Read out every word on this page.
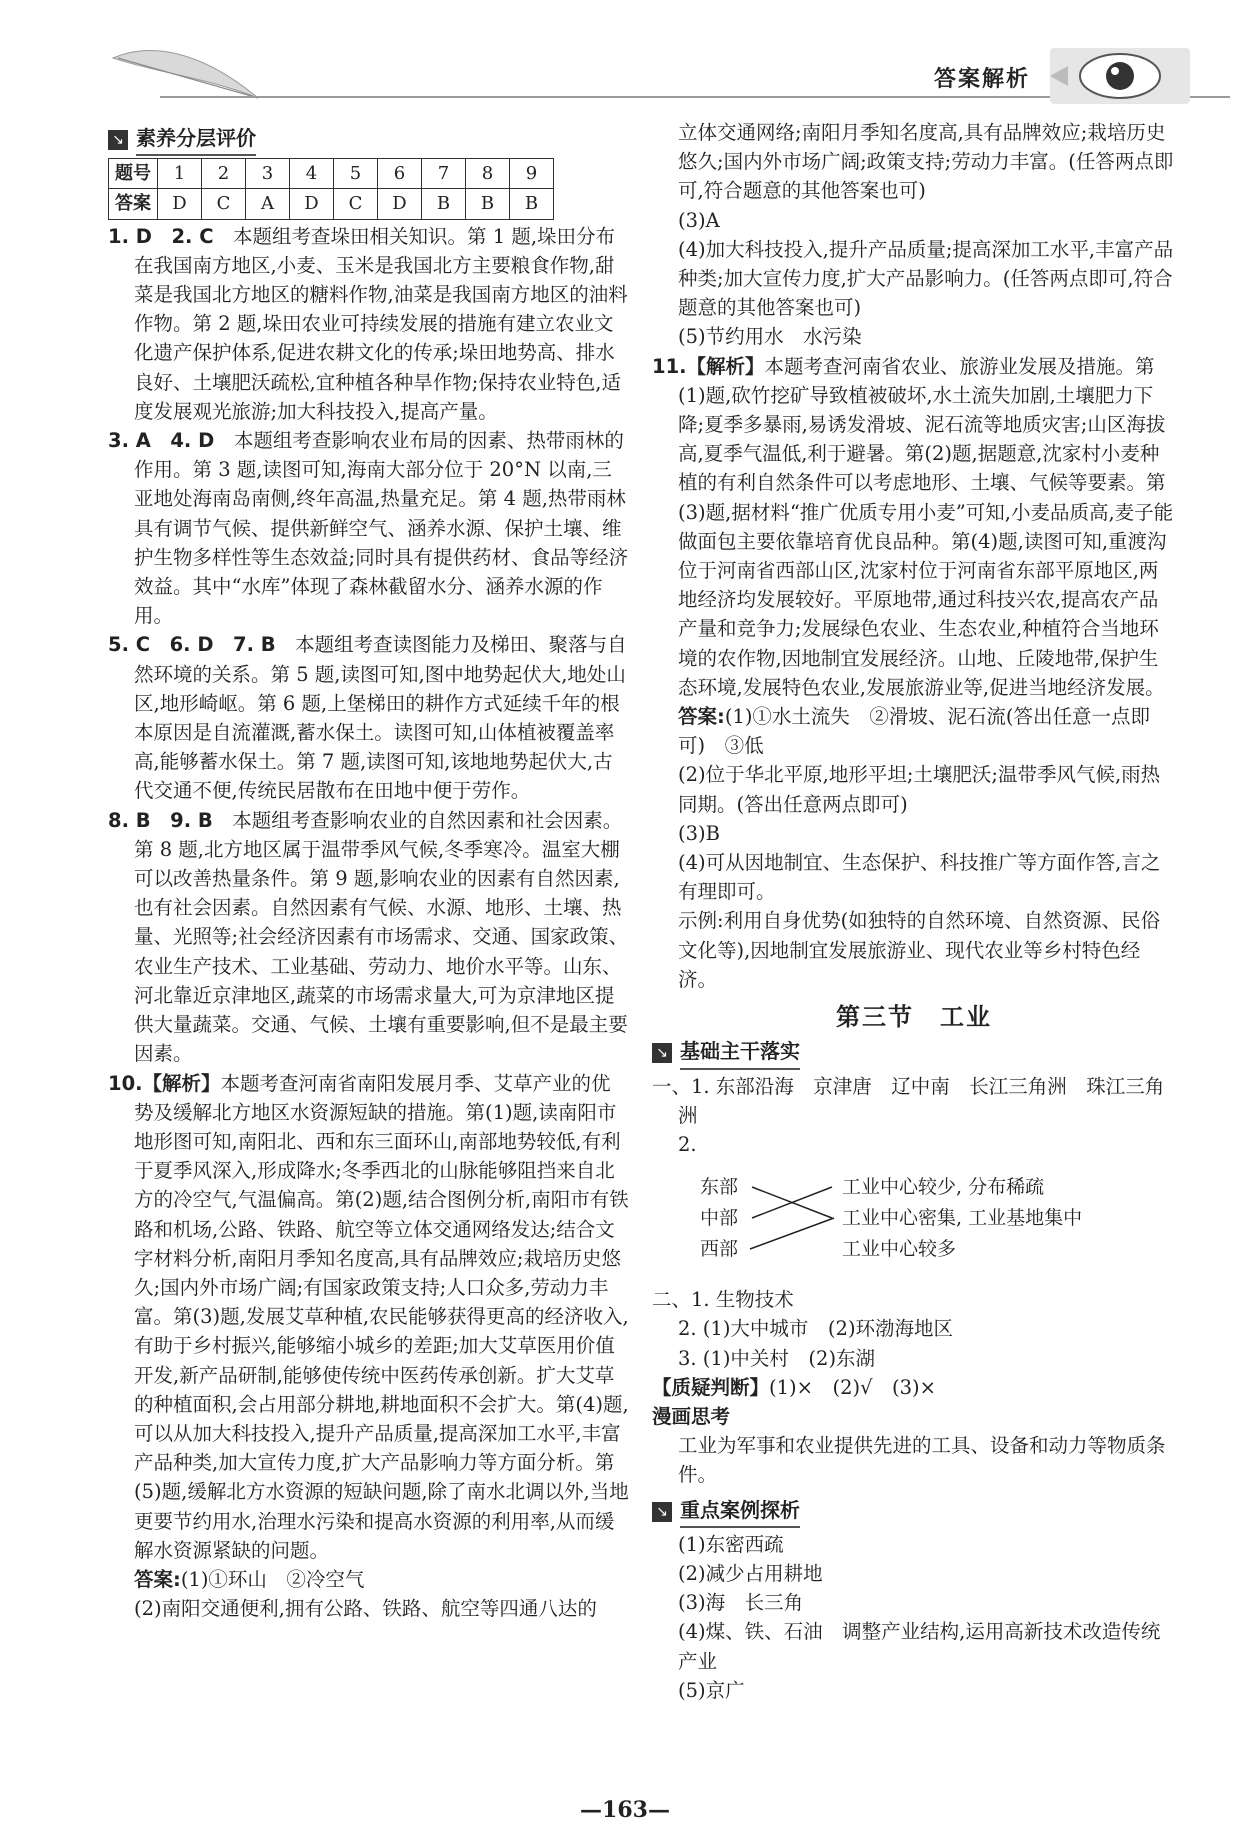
答案解析
↘ 素养分层评价
题号	1	2	3	4	5	6	7	8	9
答案	D	C	A	D	C	D	B	B	B

1. D　2. C　本题组考查垛田相关知识。第 1 题,垛田分布在我国南方地区,小麦、玉米是我国北方主要粮食作物,甜菜是我国北方地区的糖料作物,油菜是我国南方地区的油料作物。第 2 题,垛田农业可持续发展的措施有建立农业文化遗产保护体系,促进农耕文化的传承;垛田地势高、排水良好、土壤肥沃疏松,宜种植各种旱作物;保持农业特色,适度发展观光旅游;加大科技投入,提高产量。

3. A　4. D　本题组考查影响农业布局的因素、热带雨林的作用。第 3 题,读图可知,海南大部分位于 20°N 以南,三亚地处海南岛南侧,终年高温,热量充足。第 4 题,热带雨林具有调节气候、提供新鲜空气、涵养水源、保护土壤、维护生物多样性等生态效益;同时具有提供药材、食品等经济效益。其中“水库”体现了森林截留水分、涵养水源的作用。

5. C　6. D　7. B　本题组考查读图能力及梯田、聚落与自然环境的关系。第 5 题,读图可知,图中地势起伏大,地处山区,地形崎岖。第 6 题,上堡梯田的耕作方式延续千年的根本原因是自流灌溉,蓄水保土。读图可知,山体植被覆盖率高,能够蓄水保土。第 7 题,读图可知,该地地势起伏大,古代交通不便,传统民居散布在田地中便于劳作。

8. B　9. B　本题组考查影响农业的自然因素和社会因素。第 8 题,北方地区属于温带季风气候,冬季寒冷。温室大棚可以改善热量条件。第 9 题,影响农业的因素有自然因素,也有社会因素。自然因素有气候、水源、地形、土壤、热量、光照等;社会经济因素有市场需求、交通、国家政策、农业生产技术、工业基础、劳动力、地价水平等。山东、河北靠近京津地区,蔬菜的市场需求量大,可为京津地区提供大量蔬菜。交通、气候、土壤有重要影响,但不是最主要因素。

10.【解析】本题考查河南省南阳发展月季、艾草产业的优势及缓解北方地区水资源短缺的措施。第(1)题,读南阳市地形图可知,南阳北、西和东三面环山,南部地势较低,有利于夏季风深入,形成降水;冬季西北的山脉能够阻挡来自北方的冷空气,气温偏高。第(2)题,结合图例分析,南阳市有铁路和机场,公路、铁路、航空等立体交通网络发达;结合文字材料分析,南阳月季知名度高,具有品牌效应;栽培历史悠久;国内外市场广阔;有国家政策支持;人口众多,劳动力丰富。第(3)题,发展艾草种植,农民能够获得更高的经济收入,有助于乡村振兴,能够缩小城乡的差距;加大艾草医用价值开发,新产品研制,能够使传统中医药传承创新。扩大艾草的种植面积,会占用部分耕地,耕地面积不会扩大。第(4)题,可以从加大科技投入,提升产品质量,提高深加工水平,丰富产品种类,加大宣传力度,扩大产品影响力等方面分析。第(5)题,缓解北方水资源的短缺问题,除了南水北调以外,当地更要节约用水,治理水污染和提高水资源的利用率,从而缓解水资源紧缺的问题。

答案:(1)①环山　②冷空气

(2)南阳交通便利,拥有公路、铁路、航空等四通八达的

立体交通网络;南阳月季知名度高,具有品牌效应;栽培历史悠久;国内外市场广阔;政策支持;劳动力丰富。(任答两点即可,符合题意的其他答案也可)

(3)A

(4)加大科技投入,提升产品质量;提高深加工水平,丰富产品种类;加大宣传力度,扩大产品影响力。(任答两点即可,符合题意的其他答案也可)

(5)节约用水　水污染

11.【解析】本题考查河南省农业、旅游业发展及措施。第(1)题,砍竹挖矿导致植被破坏,水土流失加剧,土壤肥力下降;夏季多暴雨,易诱发滑坡、泥石流等地质灾害;山区海拔高,夏季气温低,利于避暑。第(2)题,据题意,沈家村小麦种植的有利自然条件可以考虑地形、土壤、气候等要素。第(3)题,据材料“推广优质专用小麦”可知,小麦品质高,麦子能做面包主要依靠培育优良品种。第(4)题,读图可知,重渡沟位于河南省西部山区,沈家村位于河南省东部平原地区,两地经济均发展较好。平原地带,通过科技兴农,提高农产品产量和竞争力;发展绿色农业、生态农业,种植符合当地环境的农作物,因地制宜发展经济。山地、丘陵地带,保护生态环境,发展特色农业,发展旅游业等,促进当地经济发展。

答案:(1)①水土流失　②滑坡、泥石流(答出任意一点即可)　③低

(2)位于华北平原,地形平坦;土壤肥沃;温带季风气候,雨热同期。(答出任意两点即可)

(3)B

(4)可从因地制宜、生态保护、科技推广等方面作答,言之有理即可。

示例:利用自身优势(如独特的自然环境、自然资源、民俗文化等),因地制宜发展旅游业、现代农业等乡村特色经济。

第三节　工业
↘ 基础主干落实

一、1. 东部沿海　京津唐　辽中南　长江三角洲　珠江三角洲

2.

东部
中部
西部
工业中心较少, 分布稀疏
工业中心密集, 工业基地集中
工业中心较多

二、1. 生物技术

2. (1)大中城市　(2)环渤海地区

3. (1)中关村　(2)东湖

【质疑判断】(1)×　(2)√　(3)×

漫画思考

工业为军事和农业提供先进的工具、设备和动力等物质条件。

↘ 重点案例探析

(1)东密西疏

(2)减少占用耕地

(3)海　长三角

(4)煤、铁、石油　调整产业结构,运用高新技术改造传统产业

(5)京广

—163—
